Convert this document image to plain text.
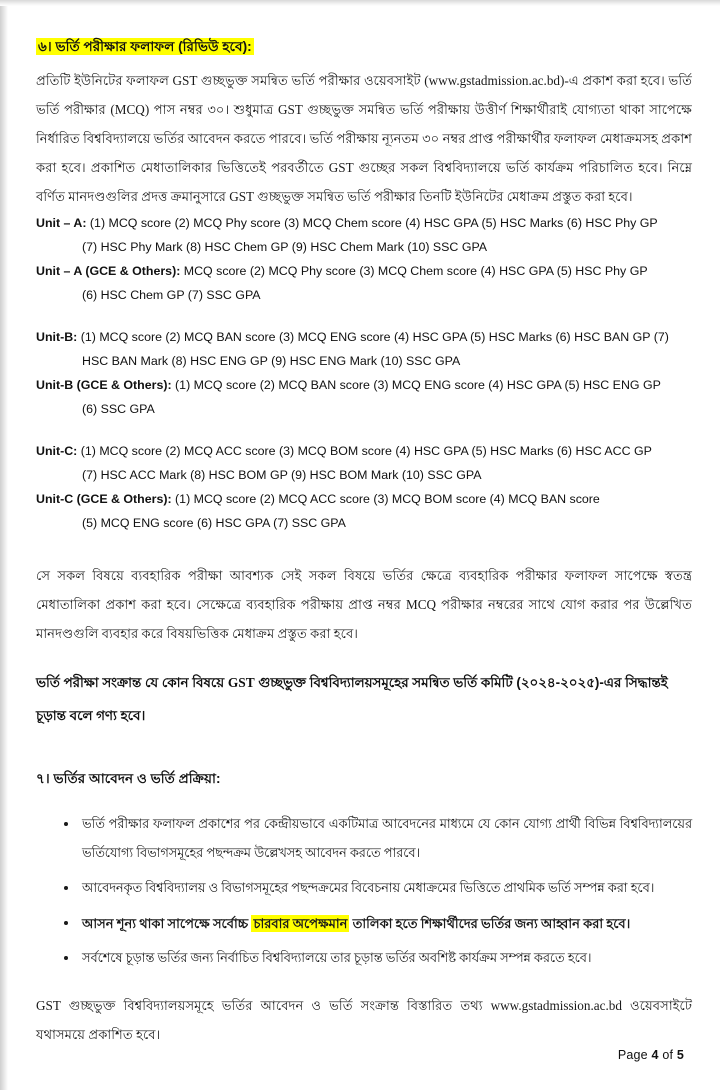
৬। ভর্তি পরীক্ষার ফলাফল (রিভিউ হবে):

প্রতিটি ইউনিটের ফলাফল GST গুচ্ছভুক্ত সমন্বিত ভর্তি পরীক্ষার ওয়েবসাইট (www.gstadmission.ac.bd)-এ প্রকাশ করা হবে। ভর্তি ভর্তি পরীক্ষার (MCQ) পাস নম্বর ৩০। শুধুমাত্র GST গুচ্ছভুক্ত সমন্বিত ভর্তি পরীক্ষায় উত্তীর্ণ শিক্ষার্থীরাই যোগ্যতা থাকা সাপেক্ষে নির্ধারিত বিশ্ববিদ্যালয়ে ভর্তির আবেদন করতে পারবে। ভর্তি পরীক্ষায় ন্যূনতম ৩০ নম্বর প্রাপ্ত পরীক্ষার্থীর ফলাফল মেধাক্রমসহ প্রকাশ করা হবে। প্রকাশিত মেধাতালিকার ভিত্তিতেই পরবর্তীতে GST গুচ্ছের সকল বিশ্ববিদ্যালয়ে ভর্তি কার্যক্রম পরিচালিত হবে। নিম্নে বর্ণিত মানদণ্ডগুলির প্রদত্ত ক্রমানুসারে GST গুচ্ছভুক্ত সমন্বিত ভর্তি পরীক্ষার তিনটি ইউনিটের মেধাক্রম প্রস্তুত করা হবে।

Unit – A: (1) MCQ score (2) MCQ Phy score (3) MCQ Chem score (4) HSC GPA (5) HSC Marks (6) HSC Phy GP

(7) HSC Phy Mark (8) HSC Chem GP (9) HSC Chem Mark (10) SSC GPA

Unit – A (GCE & Others): MCQ score (2) MCQ Phy score (3) MCQ Chem score (4) HSC GPA (5) HSC Phy GP

(6) HSC Chem GP (7) SSC GPA

Unit-B: (1) MCQ score (2) MCQ BAN score (3) MCQ ENG score (4) HSC GPA (5) HSC Marks (6) HSC BAN GP (7)

HSC BAN Mark (8) HSC ENG GP (9) HSC ENG Mark (10) SSC GPA

Unit-B (GCE & Others): (1) MCQ score (2) MCQ BAN score (3) MCQ ENG score (4) HSC GPA (5) HSC ENG GP

(6) SSC GPA

Unit-C: (1) MCQ score (2) MCQ ACC score (3) MCQ BOM score (4) HSC GPA (5) HSC Marks (6) HSC ACC GP

(7) HSC ACC Mark (8) HSC BOM GP (9) HSC BOM Mark (10) SSC GPA

Unit-C (GCE & Others): (1) MCQ score (2) MCQ ACC score (3) MCQ BOM score (4) MCQ BAN score

(5) MCQ ENG score (6) HSC GPA (7) SSC GPA

সে সকল বিষয়ে ব্যবহারিক পরীক্ষা আবশ্যক সেই সকল বিষয়ে ভর্তির ক্ষেত্রে ব্যবহারিক পরীক্ষার ফলাফল সাপেক্ষে স্বতন্ত্র মেধাতালিকা প্রকাশ করা হবে। সেক্ষেত্রে ব্যবহারিক পরীক্ষায় প্রাপ্ত নম্বর MCQ পরীক্ষার নম্বরের সাথে যোগ করার পর উল্লেখিত মানদণ্ডগুলি ব্যবহার করে বিষয়ভিত্তিক মেধাক্রম প্রস্তুত করা হবে।

ভর্তি পরীক্ষা সংক্রান্ত যে কোন বিষয়ে GST গুচ্ছভুক্ত বিশ্ববিদ্যালয়সমূহের সমন্বিত ভর্তি কমিটি (২০২৪-২০২৫)-এর সিদ্ধান্তই চূড়ান্ত বলে গণ্য হবে।

৭। ভর্তির আবেদন ও ভর্তি প্রক্রিয়া:
ভর্তি পরীক্ষার ফলাফল প্রকাশের পর কেন্দ্রীয়ভাবে একটিমাত্র আবেদনের মাধ্যমে যে কোন যোগ্য প্রার্থী বিভিন্ন বিশ্ববিদ্যালয়ের ভর্তিযোগ্য বিভাগসমূহের পছন্দক্রম উল্লেখসহ আবেদন করতে পারবে।
আবেদনকৃত বিশ্ববিদ্যালয় ও বিভাগসমূহের পছন্দক্রমের বিবেচনায় মেধাক্রমের ভিত্তিতে প্রাথমিক ভর্তি সম্পন্ন করা হবে।
আসন শূন্য থাকা সাপেক্ষে সর্বোচ্চ চারবার অপেক্ষমান তালিকা হতে শিক্ষার্থীদের ভর্তির জন্য আহ্বান করা হবে।
সর্বশেষে চূড়ান্ত ভর্তির জন্য নির্বাচিত বিশ্ববিদ্যালয়ে তার চূড়ান্ত ভর্তির অবশিষ্ট কার্যক্রম সম্পন্ন করতে হবে।

GST গুচ্ছভুক্ত বিশ্ববিদ্যালয়সমূহে ভর্তির আবেদন ও ভর্তি সংক্রান্ত বিস্তারিত তথ্য www.gstadmission.ac.bd ওয়েবসাইটে যথাসময়ে প্রকাশিত হবে।

Page 4 of 5
